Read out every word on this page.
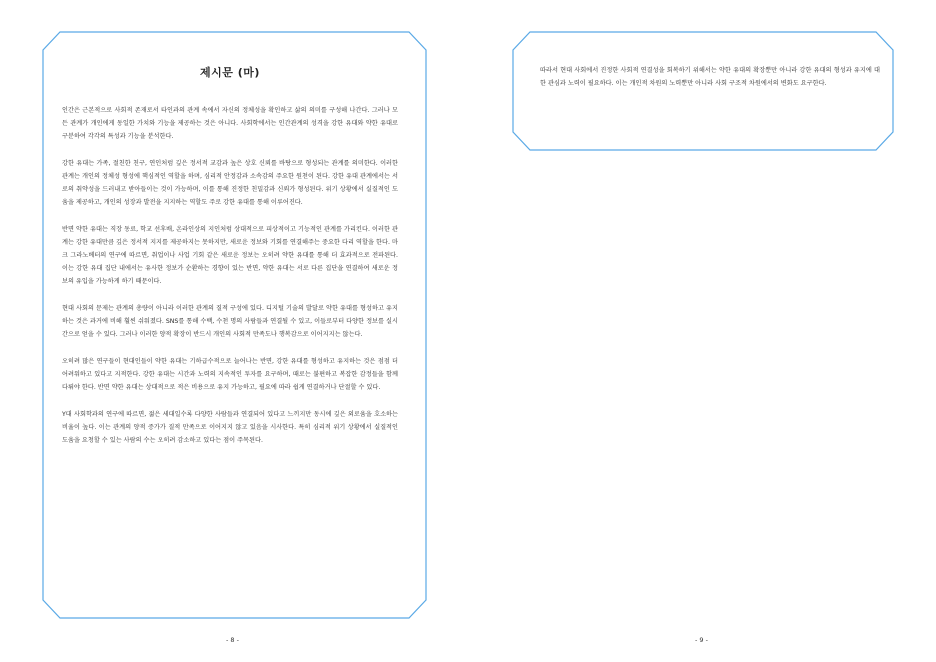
제시문 (마)

인간은 근본적으로 사회적 존재로서 타인과의 관계 속에서 자신의 정체성을 확인하고 삶의 의미를 구성해 나간다. 그러나 모든 관계가 개인에게 동일한 가치와 기능을 제공하는 것은 아니다. 사회학에서는 인간관계의 성격을 강한 유대와 약한 유대로 구분하여 각각의 특성과 기능을 분석한다.

강한 유대는 가족, 절친한 친구, 연인처럼 깊은 정서적 교감과 높은 상호 신뢰를 바탕으로 형성되는 관계를 의미한다. 이러한 관계는 개인의 정체성 형성에 핵심적인 역할을 하며, 심리적 안정감과 소속감의 주요한 원천이 된다. 강한 유대 관계에서는 서로의 취약성을 드러내고 받아들이는 것이 가능하며, 이를 통해 진정한 친밀감과 신뢰가 형성된다. 위기 상황에서 실질적인 도움을 제공하고, 개인의 성장과 발전을 지지하는 역할도 주로 강한 유대를 통해 이루어진다.

반면 약한 유대는 직장 동료, 학교 선후배, 온라인상의 지인처럼 상대적으로 피상적이고 기능적인 관계를 가리킨다. 이러한 관계는 강한 유대만큼 깊은 정서적 지지를 제공하지는 못하지만, 새로운 정보와 기회를 연결해주는 중요한 다리 역할을 한다. 마크 그라노베터의 연구에 따르면, 취업이나 사업 기회 같은 새로운 정보는 오히려 약한 유대를 통해 더 효과적으로 전파된다. 이는 강한 유대 집단 내에서는 유사한 정보가 순환하는 경향이 있는 반면, 약한 유대는 서로 다른 집단을 연결하여 새로운 정보의 유입을 가능하게 하기 때문이다.

현대 사회의 문제는 관계의 총량이 아니라 이러한 관계의 질적 구성에 있다. 디지털 기술의 발달로 약한 유대를 형성하고 유지하는 것은 과거에 비해 훨씬 쉬워졌다. SNS를 통해 수백, 수천 명의 사람들과 연결될 수 있고, 이들로부터 다양한 정보를 실시간으로 얻을 수 있다. 그러나 이러한 양적 확장이 반드시 개인의 사회적 만족도나 행복감으로 이어지지는 않는다.

오히려 많은 연구들이 현대인들이 약한 유대는 기하급수적으로 늘어나는 반면, 강한 유대를 형성하고 유지하는 것은 점점 더 어려워하고 있다고 지적한다. 강한 유대는 시간과 노력의 지속적인 투자를 요구하며, 때로는 불편하고 복잡한 감정들을 함께 다뤄야 한다. 반면 약한 유대는 상대적으로 적은 비용으로 유지 가능하고, 필요에 따라 쉽게 연결하거나 단절할 수 있다.

Y대 사회학과의 연구에 따르면, 젊은 세대일수록 다양한 사람들과 연결되어 있다고 느끼지만 동시에 깊은 외로움을 호소하는 비율이 높다. 이는 관계의 양적 증가가 질적 만족으로 이어지지 않고 있음을 시사한다. 특히 심리적 위기 상황에서 실질적인 도움을 요청할 수 있는 사람의 수는 오히려 감소하고 있다는 점이 주목된다.

따라서 현대 사회에서 진정한 사회적 연결성을 회복하기 위해서는 약한 유대의 확장뿐만 아니라 강한 유대의 형성과 유지에 대한 관심과 노력이 필요하다. 이는 개인적 차원의 노력뿐만 아니라 사회 구조적 차원에서의 변화도 요구한다.

- 8 -	- 9 -
